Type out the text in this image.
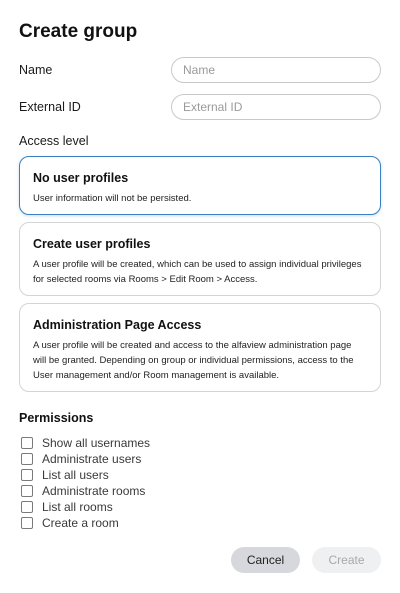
Create group
Name
Name
External ID
External ID
Access level
No user profiles
User information will not be persisted.
Create user profiles
A user profile will be created, which can be used to assign individual privileges for selected rooms via Rooms > Edit Room > Access.
Administration Page Access
A user profile will be created and access to the alfaview administration page will be granted. Depending on group or individual permissions, access to the User management and/or Room management is available.
Permissions
Show all usernames
Administrate users
List all users
Administrate rooms
List all rooms
Create a room
Cancel	Create
